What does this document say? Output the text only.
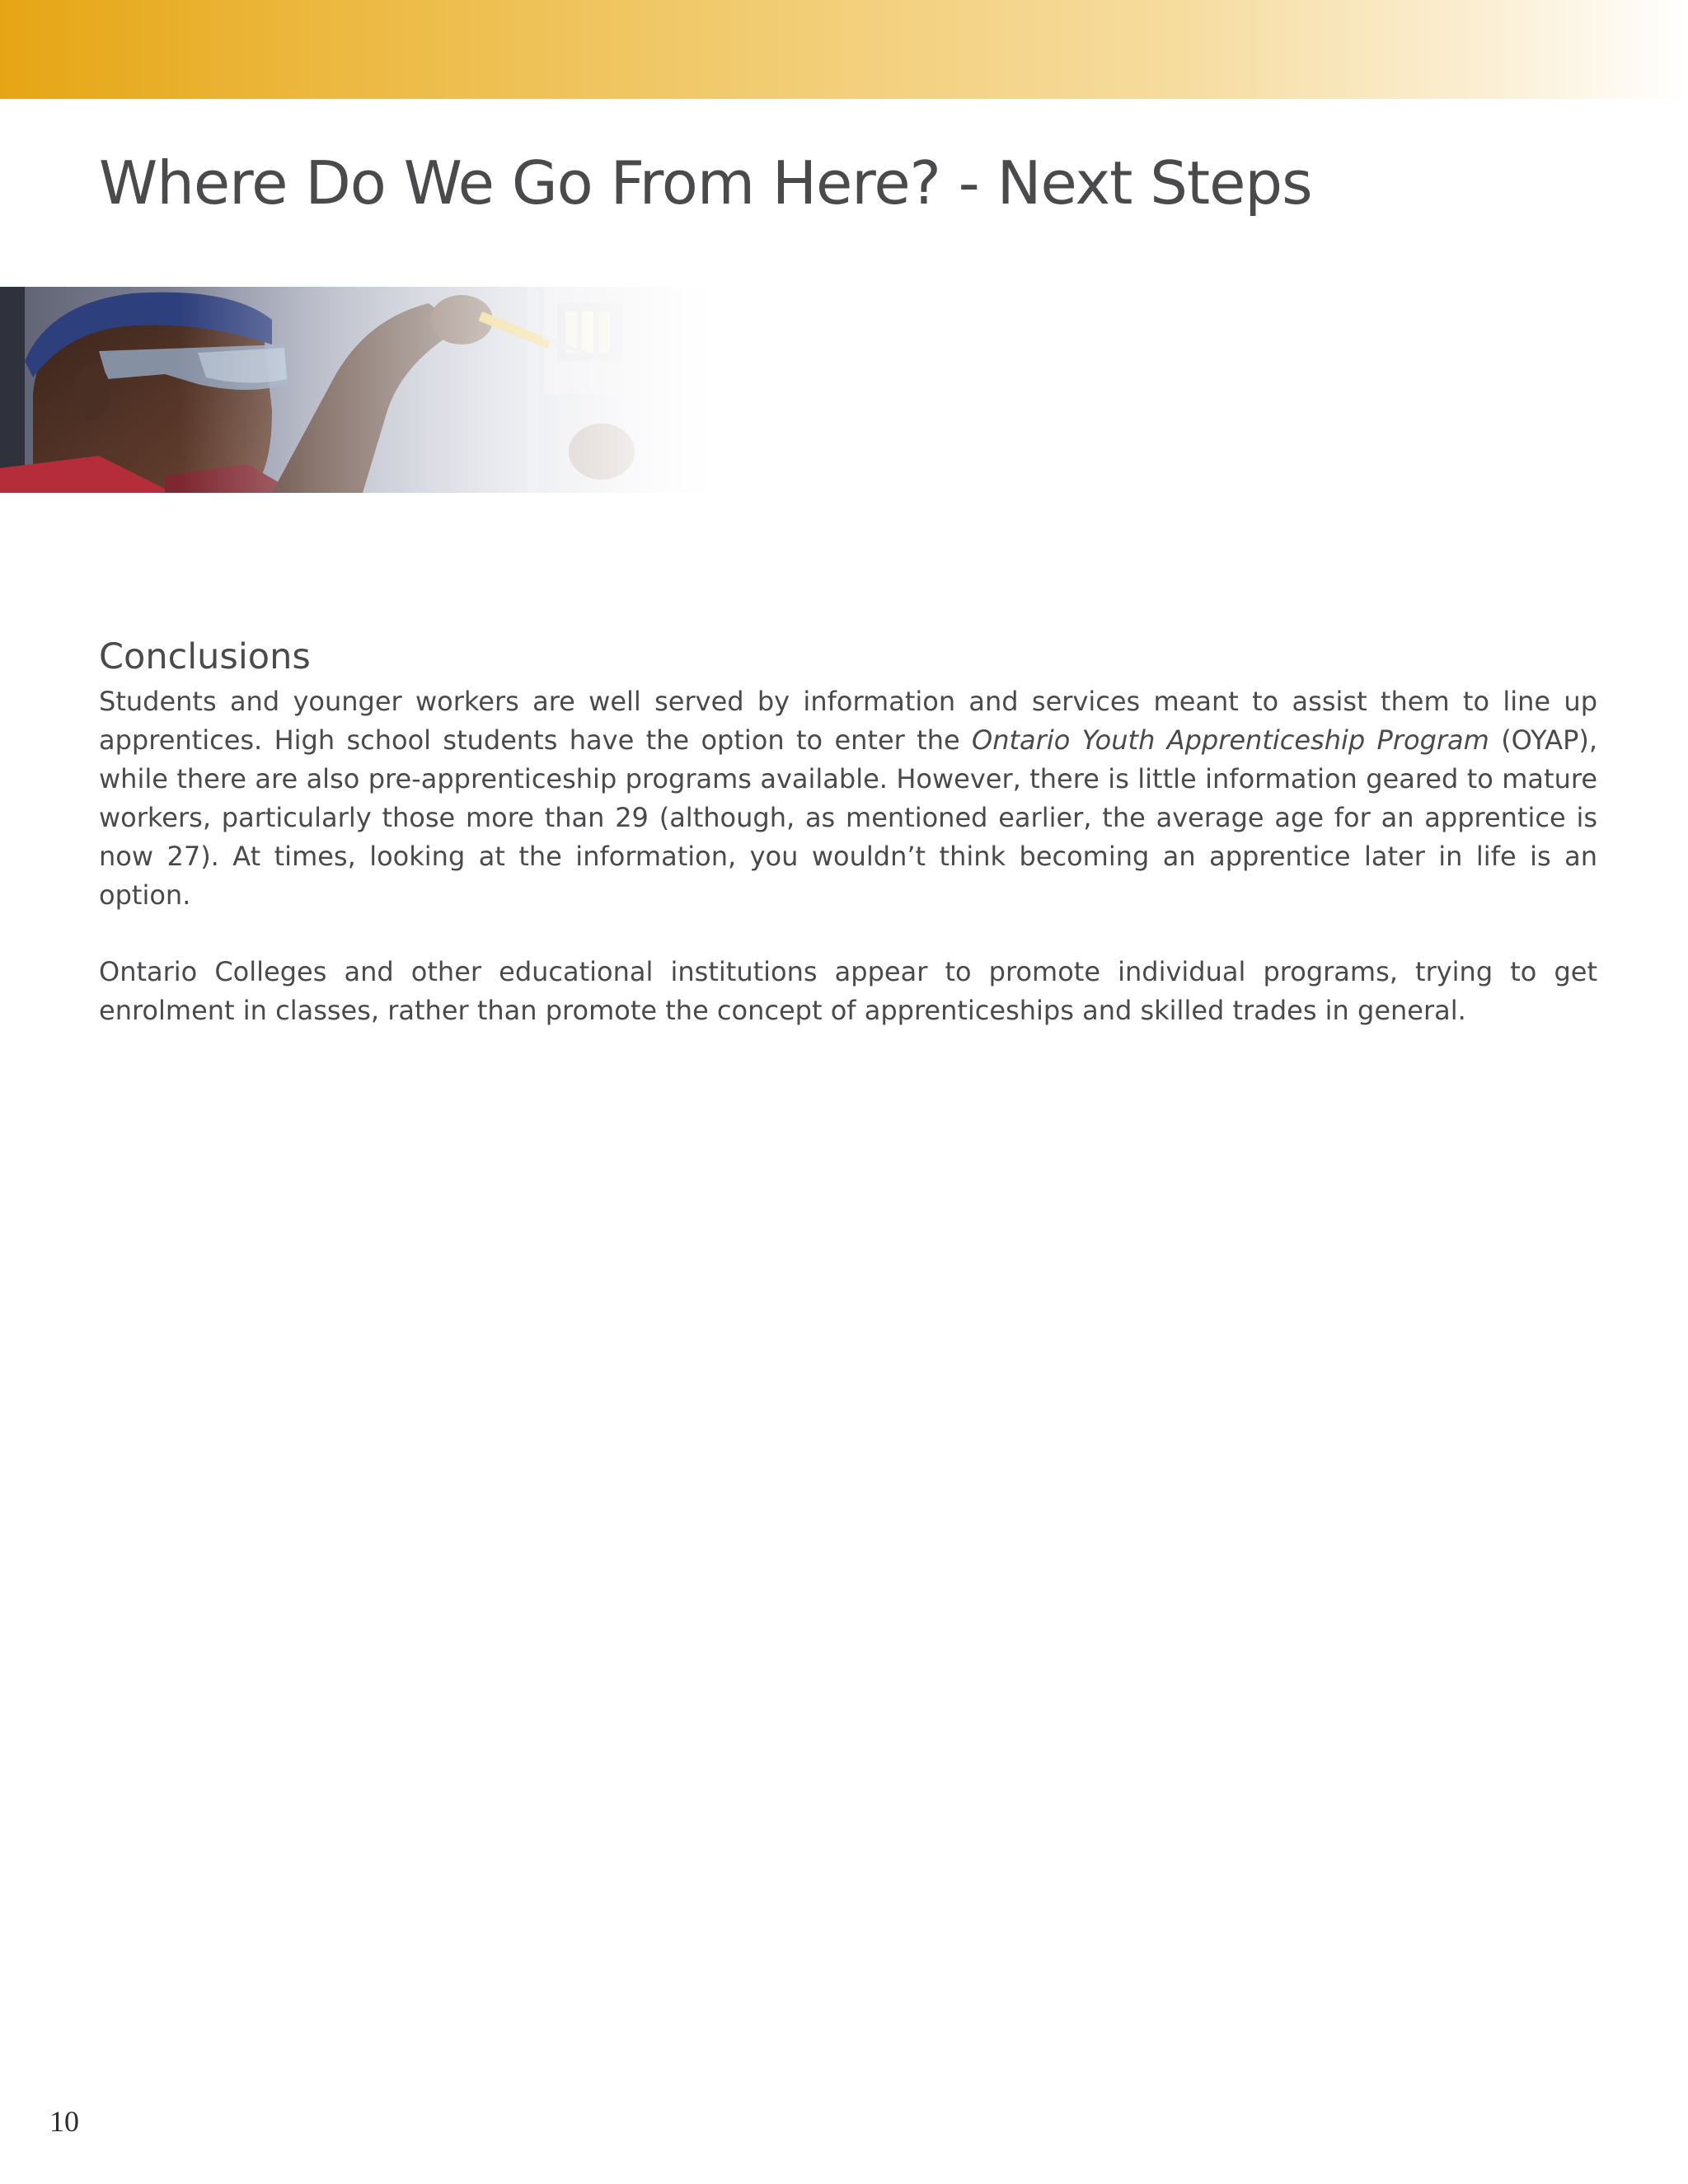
Where Do We Go From Here? - Next Steps
Conclusions

Students and younger workers are well served by information and services meant to assist them to line up apprentices. High school students have the option to enter the Ontario Youth Apprenticeship Program (OYAP), while there are also pre-apprenticeship programs available. However, there is little information geared to mature workers, particularly those more than 29 (although, as mentioned earlier, the average age for an apprentice is now 27). At times, looking at the information, you wouldn’t think becoming an apprentice later in life is an option.

Ontario Colleges and other educational institutions appear to promote individual programs, trying to get enrolment in classes, rather than promote the concept of apprenticeships and skilled trades in general.

10
